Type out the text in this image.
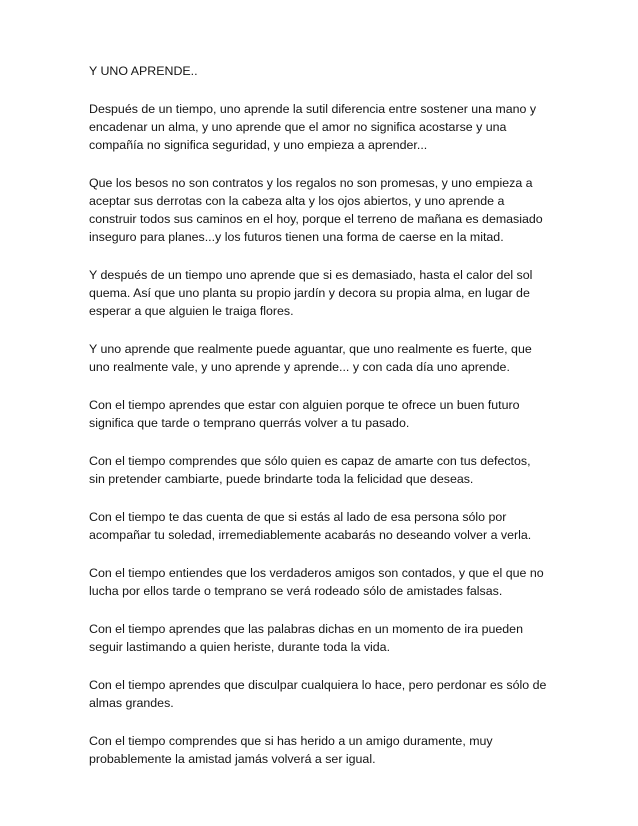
Y UNO APRENDE..

Después de un tiempo, uno aprende la sutil diferencia entre sostener una mano y
encadenar un alma, y uno aprende que el amor no significa acostarse y una
compañía no significa seguridad, y uno empieza a aprender...

Que los besos no son contratos y los regalos no son promesas, y uno empieza a
aceptar sus derrotas con la cabeza alta y los ojos abiertos, y uno aprende a
construir todos sus caminos en el hoy, porque el terreno de mañana es demasiado
inseguro para planes...y los futuros tienen una forma de caerse en la mitad.

Y después de un tiempo uno aprende que si es demasiado, hasta el calor del sol
quema. Así que uno planta su propio jardín y decora su propia alma, en lugar de
esperar a que alguien le traiga flores.

Y uno aprende que realmente puede aguantar, que uno realmente es fuerte, que
uno realmente vale, y uno aprende y aprende... y con cada día uno aprende.

Con el tiempo aprendes que estar con alguien porque te ofrece un buen futuro
significa que tarde o temprano querrás volver a tu pasado.

Con el tiempo comprendes que sólo quien es capaz de amarte con tus defectos,
sin pretender cambiarte, puede brindarte toda la felicidad que deseas.

Con el tiempo te das cuenta de que si estás al lado de esa persona sólo por
acompañar tu soledad, irremediablemente acabarás no deseando volver a verla.

Con el tiempo entiendes que los verdaderos amigos son contados, y que el que no
lucha por ellos tarde o temprano se verá rodeado sólo de amistades falsas.

Con el tiempo aprendes que las palabras dichas en un momento de ira pueden
seguir lastimando a quien heriste, durante toda la vida.

Con el tiempo aprendes que disculpar cualquiera lo hace, pero perdonar es sólo de
almas grandes.

Con el tiempo comprendes que si has herido a un amigo duramente, muy
probablemente la amistad jamás volverá a ser igual.
